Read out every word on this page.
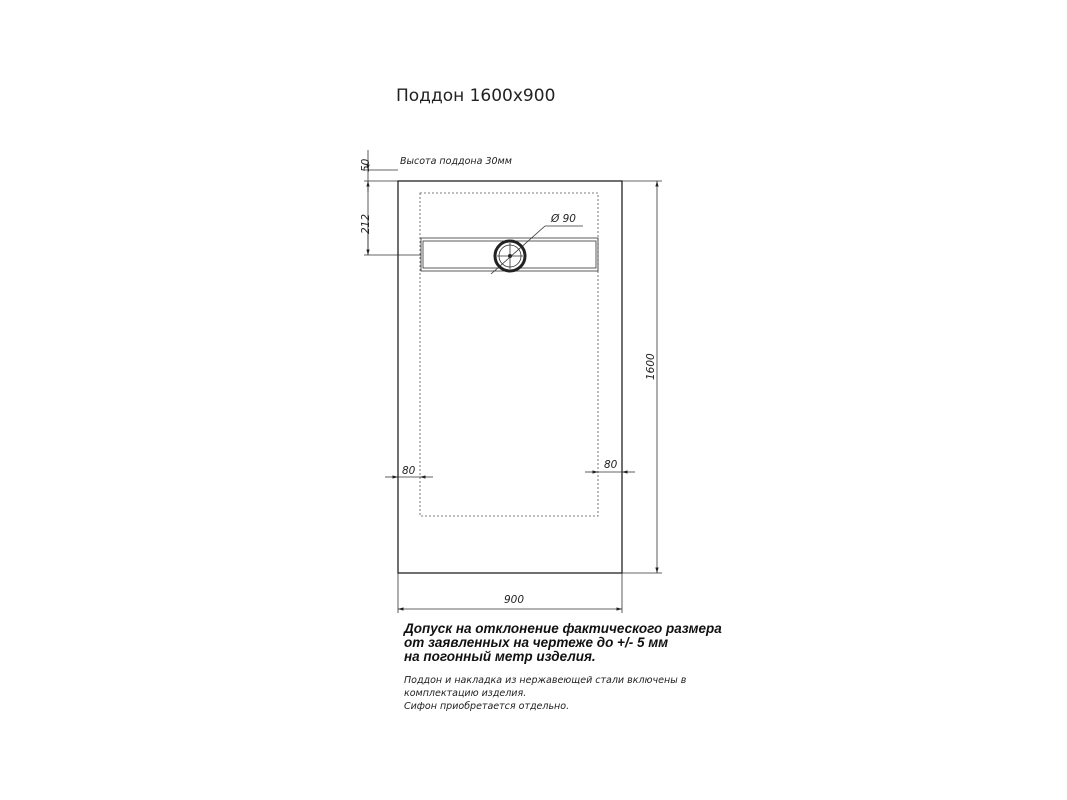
Поддон 1600х900
Высота поддона 30мм
Ø 90
50
212
1600
900
80	80
Допуск на отклонение фактического размера
от заявленных на чертеже до +/- 5 мм
на погонный метр изделия.
Поддон и накладка из нержавеющей стали включены в
комплектацию изделия.
Сифон приобретается отдельно.
